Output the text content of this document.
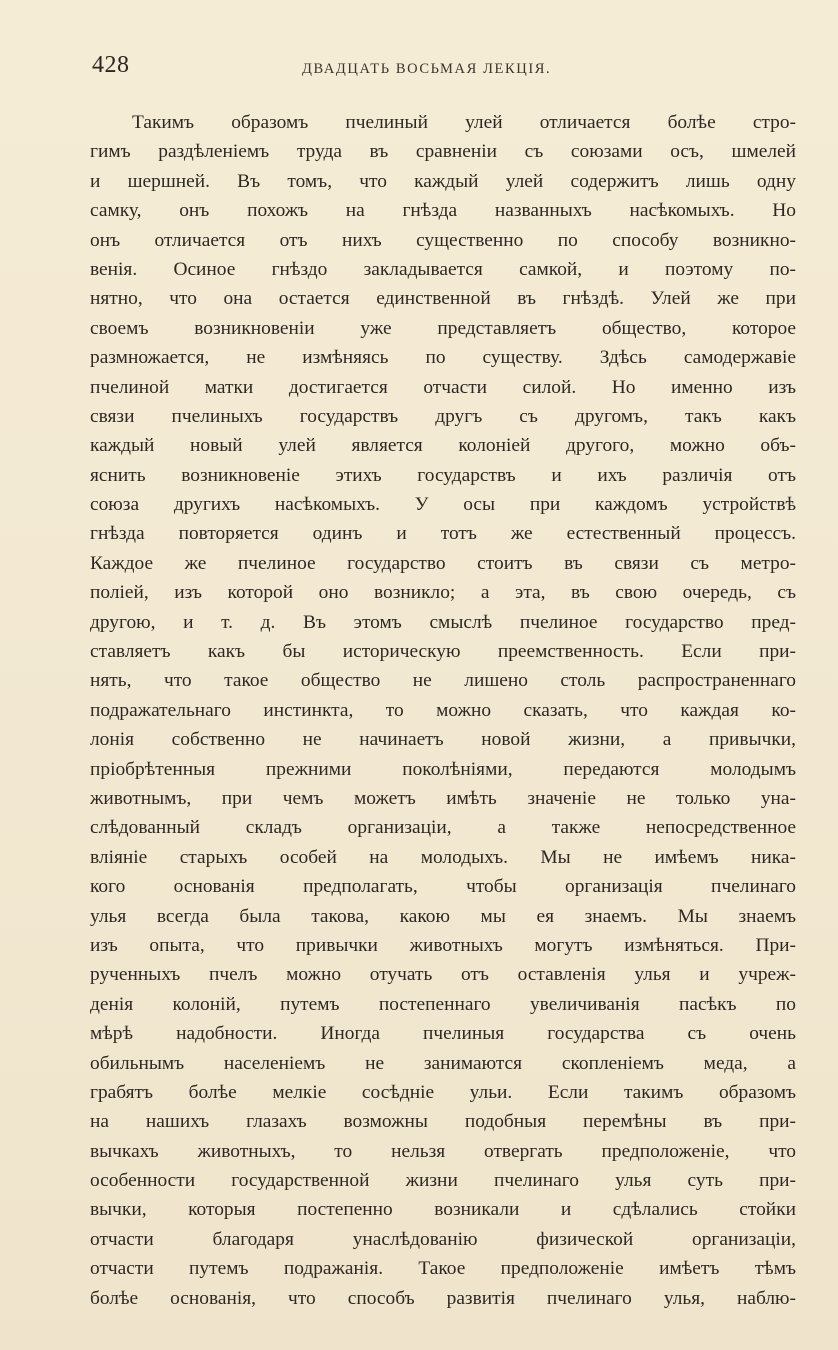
428	ДВАДЦАТЬ ВОСЬМАЯ ЛЕКЦІЯ.
Такимъ образомъ пчелиный улей отличается болѣе стро-
гимъ раздѣленіемъ труда въ сравненіи съ союзами осъ, шмелей
и шершней. Въ томъ, что каждый улей содержитъ лишь одну
самку, онъ похожъ на гнѣзда названныхъ насѣкомыхъ. Но
онъ отличается отъ нихъ существенно по способу возникно-
венія. Осиное гнѣздо закладывается самкой, и поэтому по-
нятно, что она остается единственной въ гнѣздѣ. Улей же при
своемъ возникновеніи уже представляетъ общество, которое
размножается, не измѣняясь по существу. Здѣсь самодержавіе
пчелиной матки достигается отчасти силой. Но именно изъ
связи пчелиныхъ государствъ другъ съ другомъ, такъ какъ
каждый новый улей является колоніей другого, можно объ-
яснить возникновеніе этихъ государствъ и ихъ различія отъ
союза другихъ насѣкомыхъ. У осы при каждомъ устройствѣ
гнѣзда повторяется одинъ и тотъ же естественный процессъ.
Каждое же пчелиное государство стоитъ въ связи съ метро-
поліей, изъ которой оно возникло; а эта, въ свою очередь, съ
другою, и т. д. Въ этомъ смыслѣ пчелиное государство пред-
ставляетъ какъ бы историческую преемственность. Если при-
нять, что такое общество не лишено столь распространеннаго
подражательнаго инстинкта, то можно сказать, что каждая ко-
лонія собственно не начинаетъ новой жизни, а привычки,
пріобрѣтенныя прежними поколѣніями, передаются молодымъ
животнымъ, при чемъ можетъ имѣть значеніе не только уна-
слѣдованный складъ организаціи, а также непосредственное
вліяніе старыхъ особей на молодыхъ. Мы не имѣемъ ника-
кого основанія предполагать, чтобы организація пчелинаго
улья всегда была такова, какою мы ея знаемъ. Мы знаемъ
изъ опыта, что привычки животныхъ могутъ измѣняться. При-
рученныхъ пчелъ можно отучать отъ оставленія улья и учреж-
денія колоній, путемъ постепеннаго увеличиванія пасѣкъ по
мѣрѣ надобности. Иногда пчелиныя государства съ очень
обильнымъ населеніемъ не занимаются скопленіемъ меда, а
грабятъ болѣе мелкіе сосѣдніе ульи. Если такимъ образомъ
на нашихъ глазахъ возможны подобныя перемѣны въ при-
вычкахъ животныхъ, то нельзя отвергать предположеніе, что
особенности государственной жизни пчелинаго улья суть при-
вычки, которыя постепенно возникали и сдѣлались стойки
отчасти благодаря унаслѣдованію физической организаціи,
отчасти путемъ подражанія. Такое предположеніе имѣетъ тѣмъ
болѣе основанія, что способъ развитія пчелинаго улья, наблю-
